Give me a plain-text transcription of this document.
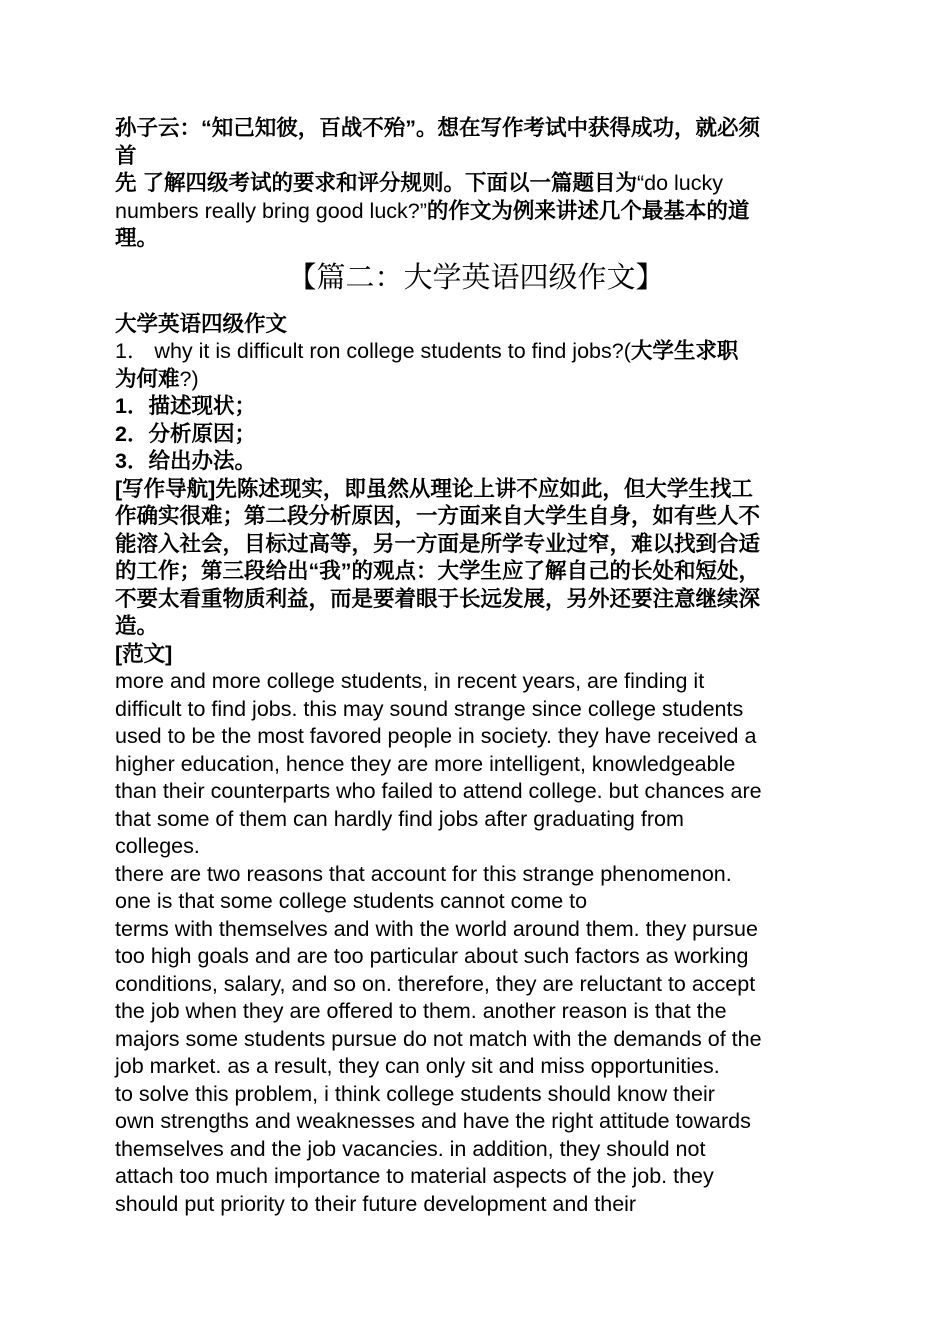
孙子云：“知己知彼，百战不殆”。想在写作考试中获得成功，就必须
首
先 了解四级考试的要求和评分规则。下面以一篇题目为“do lucky
numbers really bring good luck?”的作文为例来讲述几个最基本的道
理。
【篇二：大学英语四级作文】
大学英语四级作文
1． why it is difficult ron college students to find jobs?(大学生求职
为何难?)
1．描述现状；
2．分析原因；
3．给出办法。
[写作导航]先陈述现实，即虽然从理论上讲不应如此，但大学生找工
作确实很难；第二段分析原因，一方面来自大学生自身，如有些人不
能溶入社会，目标过高等，另一方面是所学专业过窄，难以找到合适
的工作；第三段给出“我”的观点：大学生应了解自己的长处和短处，
不要太看重物质利益，而是要着眼于长远发展，另外还要注意继续深
造。
[范文]
more and more college students, in recent years, are finding it
difficult to find jobs. this may sound strange since college students
used to be the most favored people in society. they have received a
higher education, hence they are more intelligent, knowledgeable
than their counterparts who failed to attend college. but chances are
that some of them can hardly find jobs after graduating from
colleges.
there are two reasons that account for this strange phenomenon.
one is that some college students cannot come to
terms with themselves and with the world around them. they pursue
too high goals and are too particular about such factors as working
conditions, salary, and so on. therefore, they are reluctant to accept
the job when they are offered to them. another reason is that the
majors some students pursue do not match with the demands of the
job market. as a result, they can only sit and miss opportunities.
to solve this problem, i think college students should know their
own strengths and weaknesses and have the right attitude towards
themselves and the job vacancies. in addition, they should not
attach too much importance to material aspects of the job. they
should put priority to their future development and their
